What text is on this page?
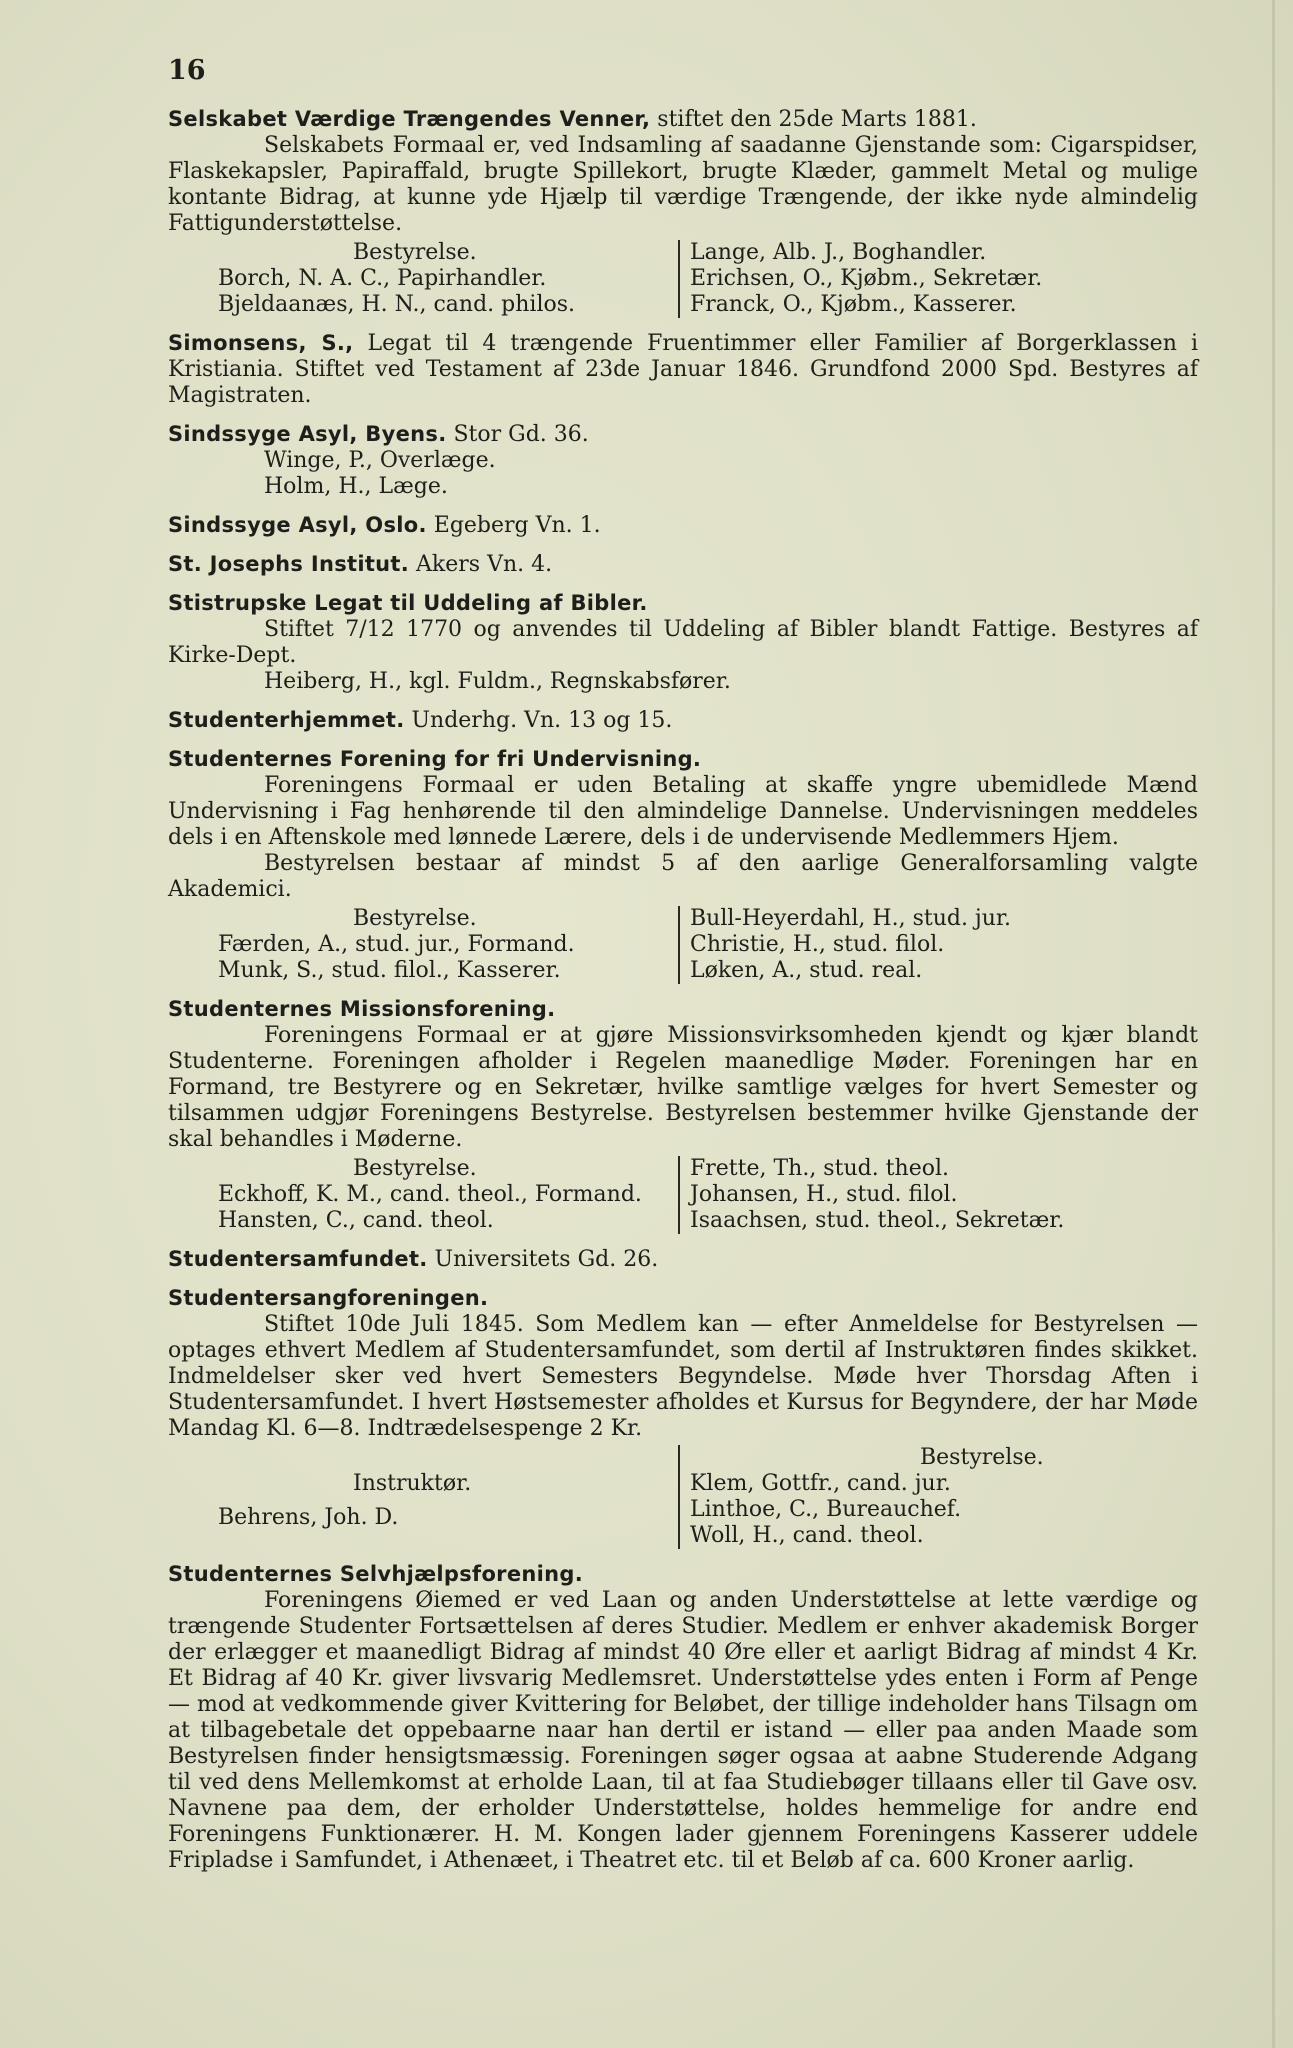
16
Selskabet Værdige Trængendes Venner, stiftet den 25de Marts 1881.
Selskabets Formaal er, ved Indsamling af saadanne Gjenstande som: Cigarspidser, Flaskekapsler, Papiraffald, brugte Spillekort, brugte Klæder, gammelt Metal og mulige kontante Bidrag, at kunne yde Hjælp til værdige Trængende, der ikke nyde almindelig Fattigunderstøttelse.
Bestyrelse.
Borch, N. A. C., Papirhandler.
Bjeldaanæs, H. N., cand. philos.
Lange, Alb. J., Boghandler.
Erichsen, O., Kjøbm., Sekretær.
Franck, O., Kjøbm., Kasserer.
Simonsens, S., Legat til 4 trængende Fruentimmer eller Familier af Borgerklassen i Kristiania. Stiftet ved Testament af 23de Januar 1846. Grundfond 2000 Spd. Bestyres af Magistraten.
Sindssyge Asyl, Byens. Stor Gd. 36.
Winge, P., Overlæge.
Holm, H., Læge.
Sindssyge Asyl, Oslo. Egeberg Vn. 1.
St. Josephs Institut. Akers Vn. 4.
Stistrupske Legat til Uddeling af Bibler.
Stiftet 7/12 1770 og anvendes til Uddeling af Bibler blandt Fattige. Bestyres af Kirke-Dept.
Heiberg, H., kgl. Fuldm., Regnskabsfører.
Studenterhjemmet. Underhg. Vn. 13 og 15.
Studenternes Forening for fri Undervisning.
Foreningens Formaal er uden Betaling at skaffe yngre ubemidlede Mænd Undervisning i Fag henhørende til den almindelige Dannelse. Undervisningen meddeles dels i en Aftenskole med lønnede Lærere, dels i de undervisende Medlemmers Hjem.
Bestyrelsen bestaar af mindst 5 af den aarlige Generalforsamling valgte Akademici.
Bestyrelse.
Færden, A., stud. jur., Formand.
Munk, S., stud. filol., Kasserer.
Bull-Heyerdahl, H., stud. jur.
Christie, H., stud. filol.
Løken, A., stud. real.
Studenternes Missionsforening.
Foreningens Formaal er at gjøre Missionsvirksomheden kjendt og kjær blandt Studenterne. Foreningen afholder i Regelen maanedlige Møder. Foreningen har en Formand, tre Bestyrere og en Sekretær, hvilke samtlige vælges for hvert Semester og tilsammen udgjør Foreningens Bestyrelse. Bestyrelsen bestemmer hvilke Gjenstande der skal behandles i Møderne.
Bestyrelse.
Eckhoff, K. M., cand. theol., Formand.
Hansten, C., cand. theol.
Frette, Th., stud. theol.
Johansen, H., stud. filol.
Isaachsen, stud. theol., Sekretær.
Studentersamfundet. Universitets Gd. 26.
Studentersangforeningen.
Stiftet 10de Juli 1845. Som Medlem kan — efter Anmeldelse for Bestyrelsen — optages ethvert Medlem af Studentersamfundet, som dertil af Instruktøren findes skikket. Indmeldelser sker ved hvert Semesters Begyndelse. Møde hver Thorsdag Aften i Studentersamfundet. I hvert Høstsemester afholdes et Kursus for Begyndere, der har Møde Mandag Kl. 6—8. Indtrædelsespenge 2 Kr.
Instruktør.
Behrens, Joh. D.
Bestyrelse.
Klem, Gottfr., cand. jur.
Linthoe, C., Bureauchef.
Woll, H., cand. theol.
Studenternes Selvhjælpsforening.
Foreningens Øiemed er ved Laan og anden Understøttelse at lette værdige og trængende Studenter Fortsættelsen af deres Studier. Medlem er enhver akademisk Borger der erlægger et maanedligt Bidrag af mindst 40 Øre eller et aarligt Bidrag af mindst 4 Kr. Et Bidrag af 40 Kr. giver livsvarig Medlemsret. Understøttelse ydes enten i Form af Penge — mod at vedkommende giver Kvittering for Beløbet, der tillige indeholder hans Tilsagn om at tilbagebetale det oppebaarne naar han dertil er istand — eller paa anden Maade som Bestyrelsen finder hensigtsmæssig. Foreningen søger ogsaa at aabne Studerende Adgang til ved dens Mellemkomst at erholde Laan, til at faa Studiebøger tillaans eller til Gave osv. Navnene paa dem, der erholder Understøttelse, holdes hemmelige for andre end Foreningens Funktionærer. H. M. Kongen lader gjennem Foreningens Kasserer uddele Fripladse i Samfundet, i Athenæet, i Theatret etc. til et Beløb af ca. 600 Kroner aarlig.
